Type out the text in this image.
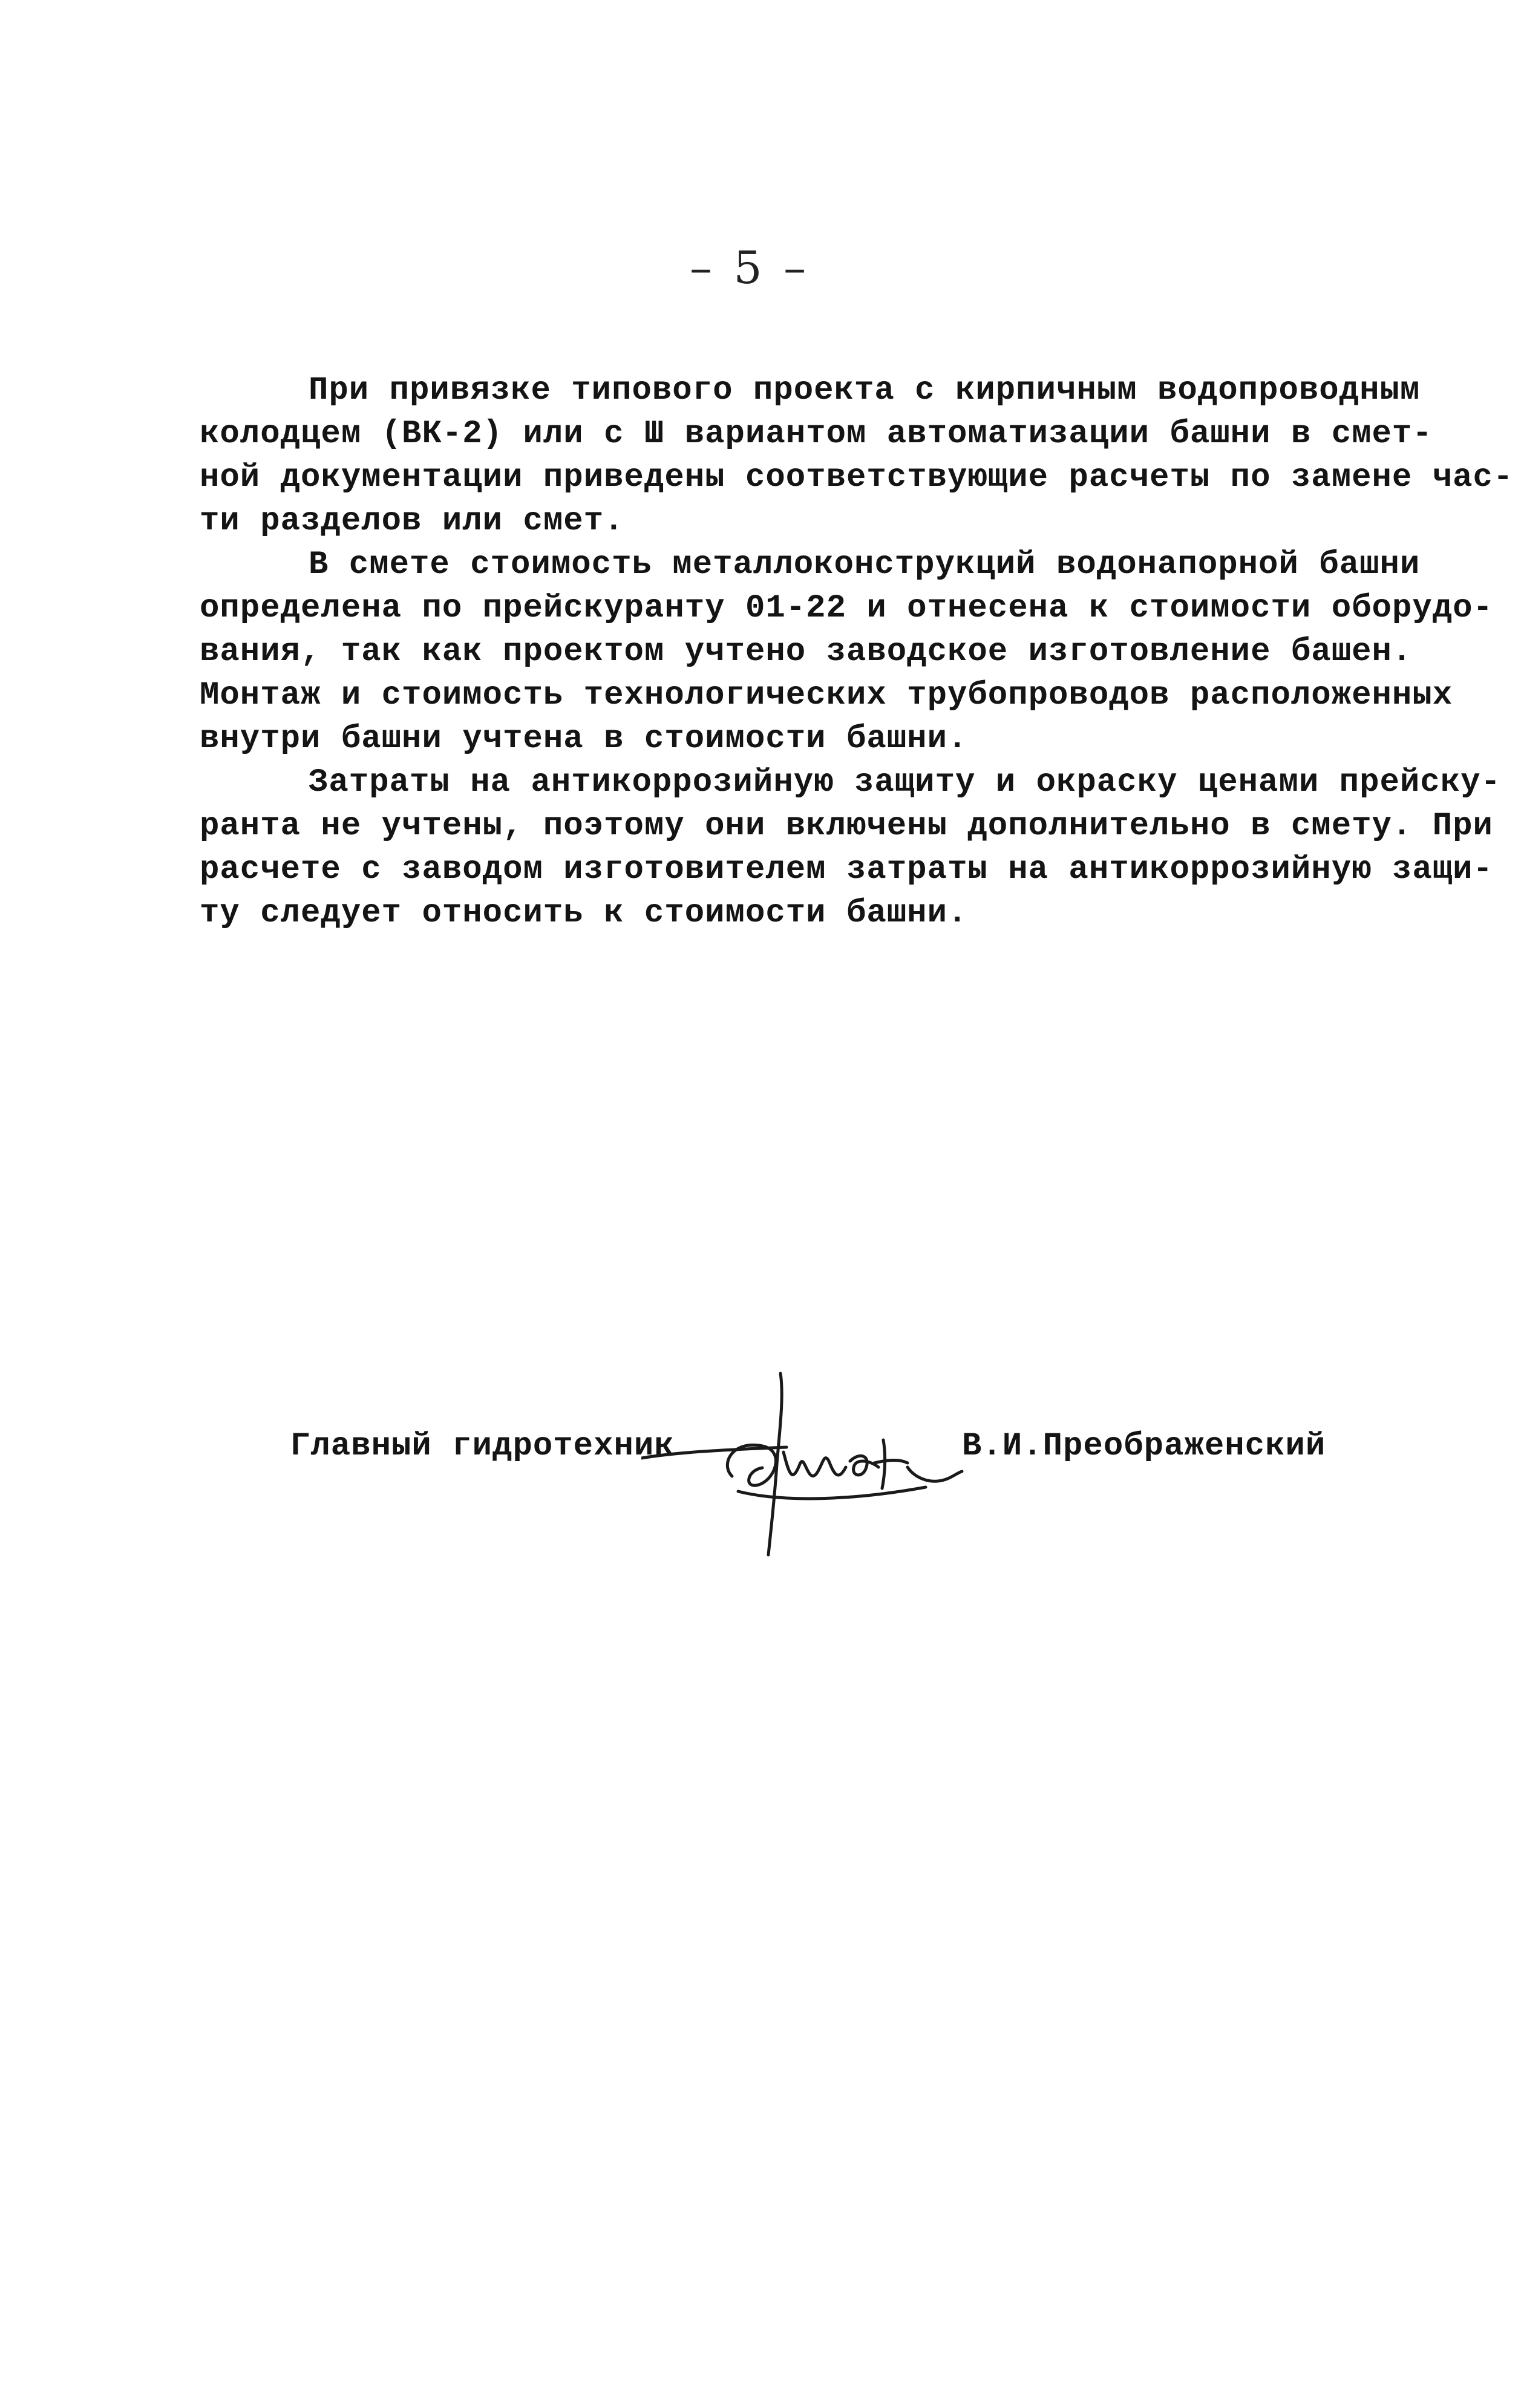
– 5 –
При привязке типового проекта с кирпичным водопроводным
колодцем (ВК-2) или с Ш вариантом автоматизации башни в смет-
ной документации приведены соответствующие расчеты по замене час-
ти разделов или смет.
В смете стоимость металлоконструкций водонапорной башни
определена по прейскуранту 01-22 и отнесена к стоимости оборудо-
вания, так как проектом учтено заводское изготовление башен.
Монтаж и стоимость технологических трубопроводов расположенных
внутри башни учтена в стоимости башни.
Затраты на антикоррозийную защиту и окраску ценами прейску-
ранта не учтены, поэтому они включены дополнительно в смету. При
расчете с заводом изготовителем затраты на антикоррозийную защи-
ту следует относить к стоимости башни.
Главный гидротехник	В.И.Преображенский
